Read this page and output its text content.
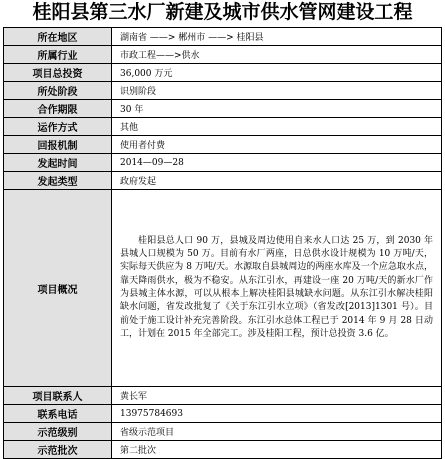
桂阳县第三水厂新建及城市供水管网建设工程
所在地区	湖南省 ——> 郴州市 ——> 桂阳县
所属行业	市政工程——>供水
项目总投资	36,000 万元
所处阶段	识别阶段
合作期限	30 年
运作方式	其他
回报机制	使用者付费
发起时间	2014—09—28
发起类型	政府发起
项目概况	桂阳县总人口 90 万，县城及周边使用自来水人口达 25 万，到 2030 年县城人口规模为 50 万。目前有水厂两座，日总供水设计规模为 10 万吨/天，实际每天供应为 8 万吨/天。水源取自县城周边的两座水库及一个应急取水点，靠天降雨供水，极为不稳安。从东江引水，再建设一座 20 万吨/天的新水厂作为县城主体水源，可以从根本上解决桂阳县城缺水问题。从东江引水解决桂阳缺水问题，省发改批复了《关于东江引水立项》（省发改[2013]1301 号）。目前处于施工设计补充完善阶段。东江引水总体工程已于 2014 年 9 月 28 日动工，计划在 2015 年全部完工。涉及桂阳工程，预计总投资 3.6 亿。

项目联系人	黄长军
联系电话	13975784693
示范级别	省级示范项目
示范批次	第二批次
